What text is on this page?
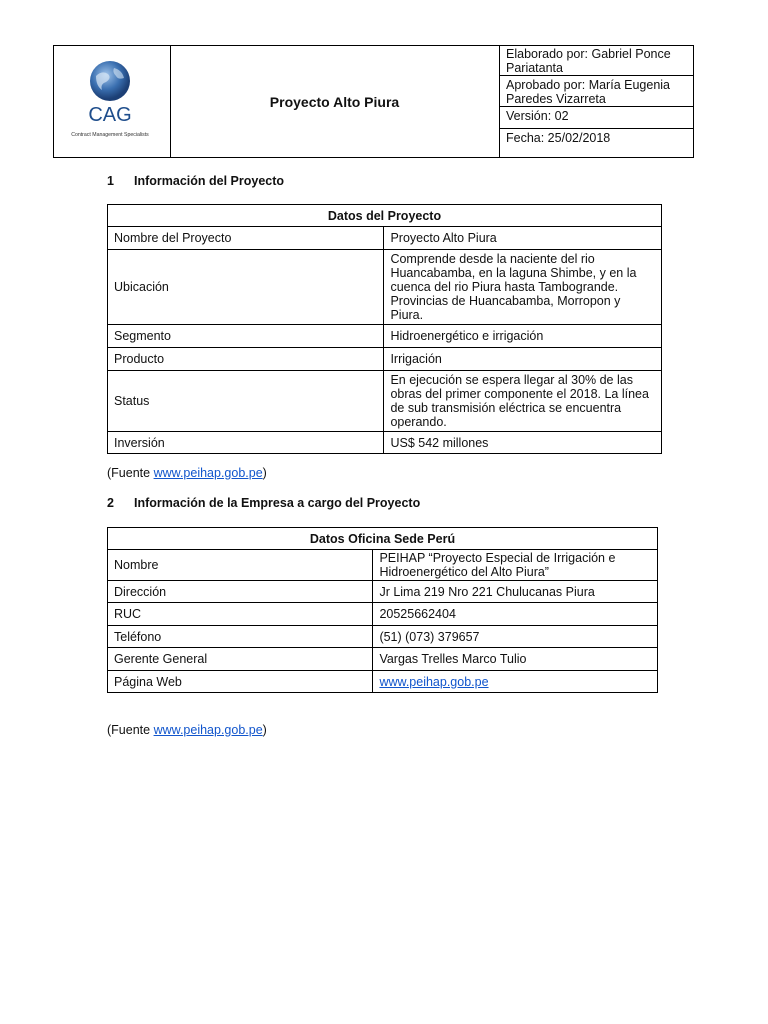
CAG
Contract Management Specialists
Proyecto Alto Piura
Elaborado por: Gabriel Ponce Pariatanta
Aprobado por: María Eugenia Paredes Vizarreta
Versión: 02
Fecha: 25/02/2018
1 Información del Proyecto
Datos del Proyecto	
Nombre del Proyecto	Proyecto Alto Piura
Ubicación	Comprende desde la naciente del rio Huancabamba, en la laguna Shimbe, y en la cuenca del rio Piura hasta Tambogrande. Provincias de Huancabamba, Morropon y Piura.
Segmento	Hidroenergético e irrigación
Producto	Irrigación
Status	En ejecución se espera llegar al 30% de las obras del primer componente el 2018. La línea de sub transmisión eléctrica se encuentra operando.
Inversión	US$ 542 millones
(Fuente www.peihap.gob.pe)
2 Información de la Empresa a cargo del Proyecto
Datos Oficina Sede Perú	
Nombre	PEIHAP “Proyecto Especial de Irrigación e Hidroenergético del Alto Piura”
Dirección	Jr Lima 219 Nro 221 Chulucanas Piura
RUC	20525662404
Teléfono	(51) (073) 379657
Gerente General	Vargas Trelles Marco Tulio
Página Web	www.peihap.gob.pe
(Fuente www.peihap.gob.pe)
